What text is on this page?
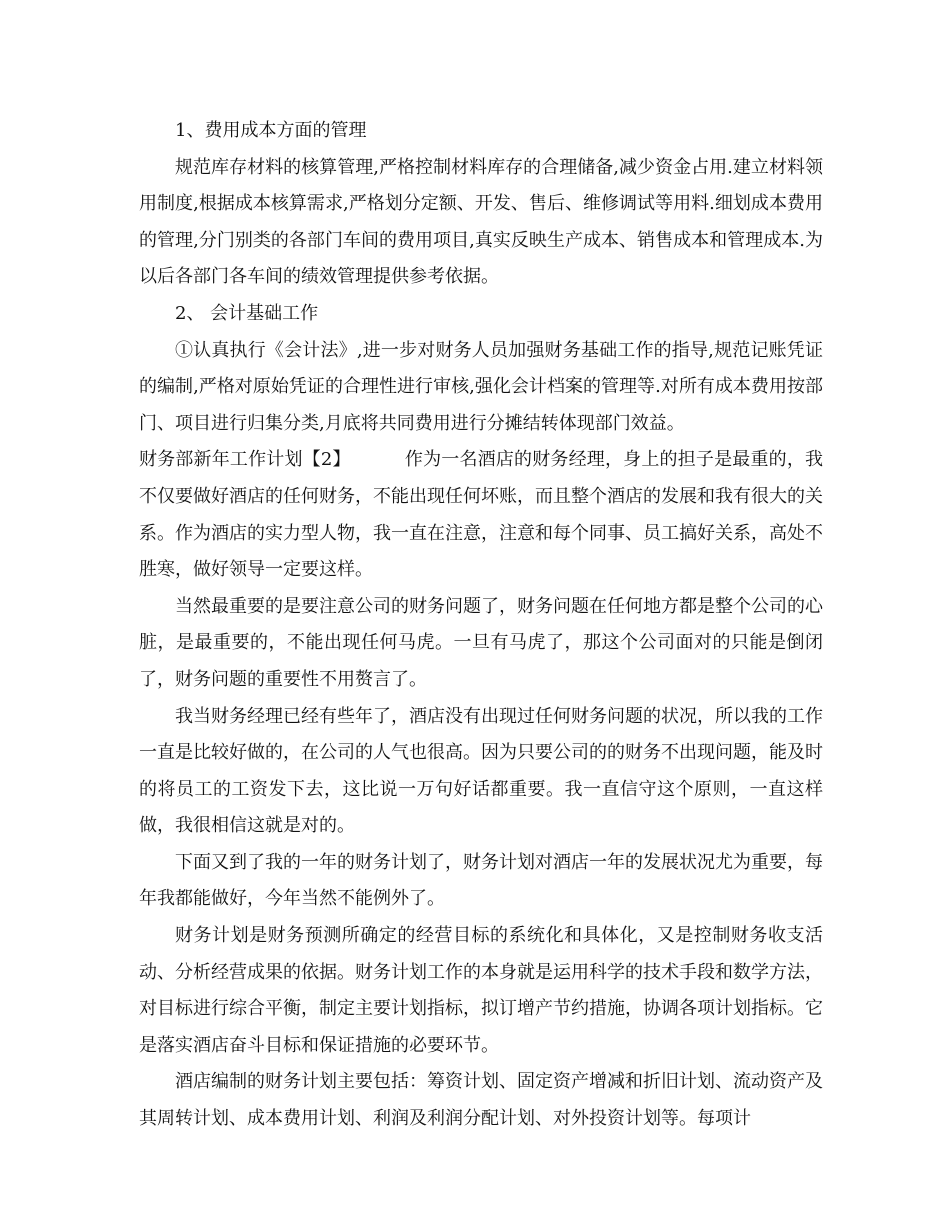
1、费用成本方面的管理

规范库存材料的核算管理,严格控制材料库存的合理储备,减少资金占用.建立材料领用制度,根据成本核算需求,严格划分定额、开发、售后、维修调试等用料.细划成本费用的管理,分门别类的各部门车间的费用项目,真实反映生产成本、销售成本和管理成本.为以后各部门各车间的绩效管理提供参考依据。

2、 会计基础工作

①认真执行《会计法》,进一步对财务人员加强财务基础工作的指导,规范记账凭证的编制,严格对原始凭证的合理性进行审核,强化会计档案的管理等.对所有成本费用按部门、项目进行归集分类,月底将共同费用进行分摊结转体现部门效益。

财务部新年工作计划【2】	作为一名酒店的财务经理，身上的担子是最重的，我不仅要做好酒店的任何财务，不能出现任何坏账，而且整个酒店的发展和我有很大的关系。作为酒店的实力型人物，我一直在注意，注意和每个同事、员工搞好关系，高处不胜寒，做好领导一定要这样。

当然最重要的是要注意公司的财务问题了，财务问题在任何地方都是整个公司的心脏，是最重要的，不能出现任何马虎。一旦有马虎了，那这个公司面对的只能是倒闭了，财务问题的重要性不用赘言了。

我当财务经理已经有些年了，酒店没有出现过任何财务问题的状况，所以我的工作一直是比较好做的，在公司的人气也很高。因为只要公司的的财务不出现问题，能及时的将员工的工资发下去，这比说一万句好话都重要。我一直信守这个原则，一直这样做，我很相信这就是对的。

下面又到了我的一年的财务计划了，财务计划对酒店一年的发展状况尤为重要，每年我都能做好，今年当然不能例外了。

财务计划是财务预测所确定的经营目标的系统化和具体化，又是控制财务收支活动、分析经营成果的依据。财务计划工作的本身就是运用科学的技术手段和数学方法，对目标进行综合平衡，制定主要计划指标，拟订增产节约措施，协调各项计划指标。它是落实酒店奋斗目标和保证措施的必要环节。

酒店编制的财务计划主要包括：筹资计划、固定资产增减和折旧计划、流动资产及其周转计划、成本费用计划、利润及利润分配计划、对外投资计划等。每项计
